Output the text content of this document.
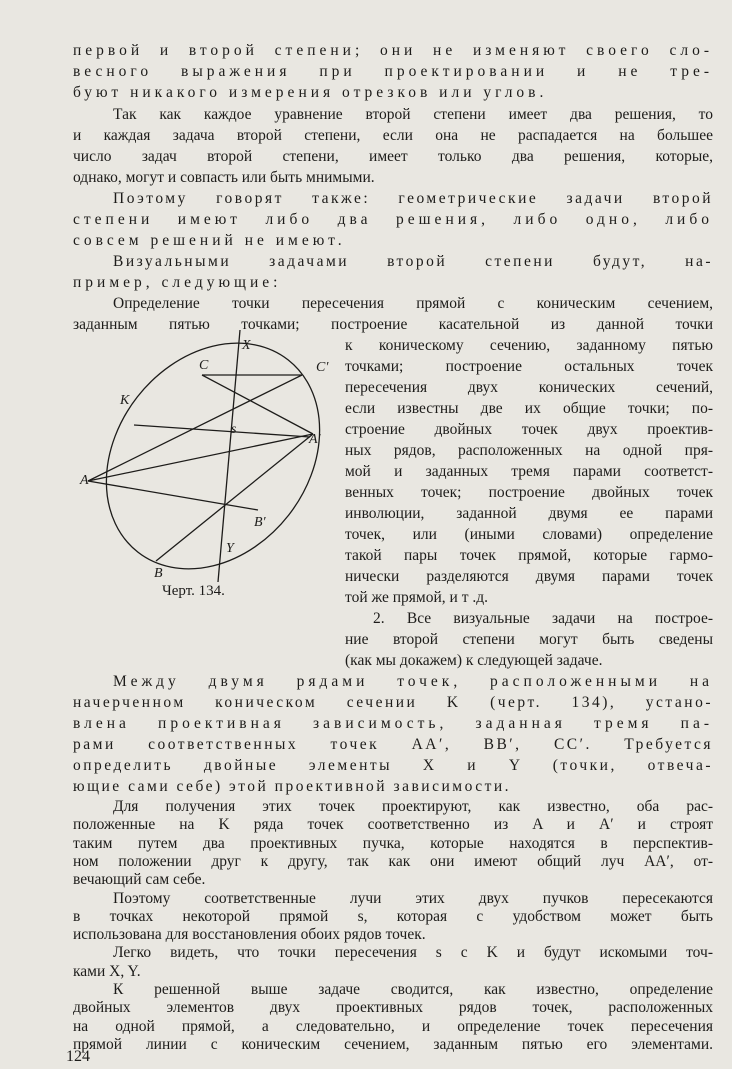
первой и второй степени; они не изменяют своего сло-
весного выражения при проектировании и не тре-
буют никакого измерения отрезков или углов.
Так как каждое уравнение второй степени имеет два решения, то
и каждая задача второй степени, если она не распадается на большее
число задач второй степени, имеет только два решения, которые,
однако, могут и совпасть или быть мнимыми.
Поэтому говорят также: геометрические задачи второй
степени имеют либо два решения, либо одно, либо
совсем решений не имеют.
Визуальными задачами второй степени будут, на-
пример, следующие:
Определение точки пересечения прямой с коническим сечением,
заданным пятью точками; построение касательной из данной точки
к коническому сечению, заданному пятью
точками; построение остальных точек
пересечения двух конических сечений,
если известны две их общие точки; по-
строение двойных точек двух проектив-
ных рядов, расположенных на одной пря-
мой и заданных тремя парами соответст-
венных точек; построение двойных точек
инволюции, заданной двумя ее парами
точек, или (иными словами) определение
такой пары точек прямой, которые гармо-
нически разделяются двумя парами точек
той же прямой, и т .д.
2. Все визуальные задачи на построе-
ние второй степени могут быть сведены
(как мы докажем) к следующей задаче.
X
C	C′
K
s
A′
A
B′
Y
B
Черт. 134.
Между двумя рядами точек, расположенными на
начерченном коническом сечении K (черт. 134), устано-
влена проективная зависимость, заданная тремя па-
рами соответственных точек AA′, BB′, CC′. Требуется
определить двойные элементы X и Y (точки, отвеча-
ющие сами себе) этой проективной зависимости.
Для получения этих точек проектируют, как известно, оба рас-
положенные на K ряда точек соответственно из A и A′ и строят
таким путем два проективных пучка, которые находятся в перспектив-
ном положении друг к другу, так как они имеют общий луч AA′, от-
вечающий сам себе.
Поэтому соответственные лучи этих двух пучков пересекаются
в точках некоторой прямой s, которая с удобством может быть
использована для восстановления обоих рядов точек.
Легко видеть, что точки пересечения s с K и будут искомыми точ-
ками X, Y.
К решенной выше задаче сводится, как известно, определение
двойных элементов двух проективных рядов точек, расположенных
на одной прямой, а следовательно, и определение точек пересечения
прямой линии с коническим сечением, заданным пятью его элементами.
124
